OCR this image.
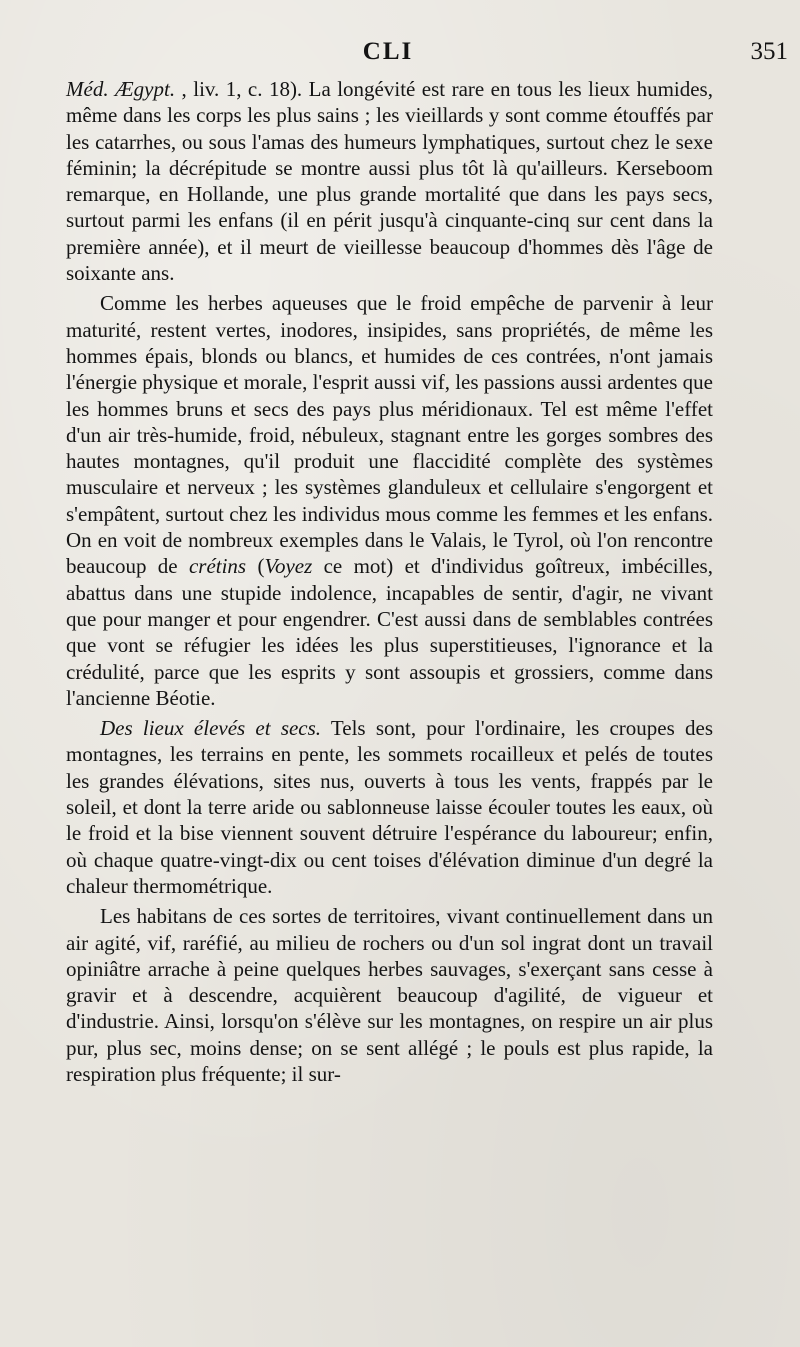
CLI	351

Méd. Ægypt. , liv. 1, c. 18). La longévité est rare en tous les lieux humides, même dans les corps les plus sains ; les vieillards y sont comme étouffés par les catarrhes, ou sous l'amas des humeurs lymphatiques, surtout chez le sexe féminin; la décrépitude se montre aussi plus tôt là qu'ailleurs. Kerseboom remarque, en Hollande, une plus grande mortalité que dans les pays secs, surtout parmi les enfans (il en périt jusqu'à cinquante-cinq sur cent dans la première année), et il meurt de vieillesse beaucoup d'hommes dès l'âge de soixante ans.

Comme les herbes aqueuses que le froid empêche de parvenir à leur maturité, restent vertes, inodores, insipides, sans propriétés, de même les hommes épais, blonds ou blancs, et humides de ces contrées, n'ont jamais l'énergie physique et morale, l'esprit aussi vif, les passions aussi ardentes que les hommes bruns et secs des pays plus méridionaux. Tel est même l'effet d'un air très-humide, froid, nébuleux, stagnant entre les gorges sombres des hautes montagnes, qu'il produit une flaccidité complète des systèmes musculaire et nerveux ; les systèmes glanduleux et cellulaire s'engorgent et s'empâtent, surtout chez les individus mous comme les femmes et les enfans. On en voit de nombreux exemples dans le Valais, le Tyrol, où l'on rencontre beaucoup de crétins (Voyez ce mot) et d'individus goîtreux, imbécilles, abattus dans une stupide indolence, incapables de sentir, d'agir, ne vivant que pour manger et pour engendrer. C'est aussi dans de semblables contrées que vont se réfugier les idées les plus superstitieuses, l'ignorance et la crédulité, parce que les esprits y sont assoupis et grossiers, comme dans l'ancienne Béotie.

Des lieux élevés et secs. Tels sont, pour l'ordinaire, les croupes des montagnes, les terrains en pente, les sommets rocailleux et pelés de toutes les grandes élévations, sites nus, ouverts à tous les vents, frappés par le soleil, et dont la terre aride ou sablonneuse laisse écouler toutes les eaux, où le froid et la bise viennent souvent détruire l'espérance du laboureur; enfin, où chaque quatre-vingt-dix ou cent toises d'élévation diminue d'un degré la chaleur thermométrique.

Les habitans de ces sortes de territoires, vivant continuellement dans un air agité, vif, raréfié, au milieu de rochers ou d'un sol ingrat dont un travail opiniâtre arrache à peine quelques herbes sauvages, s'exerçant sans cesse à gravir et à descendre, acquièrent beaucoup d'agilité, de vigueur et d'industrie. Ainsi, lorsqu'on s'élève sur les montagnes, on respire un air plus pur, plus sec, moins dense; on se sent allégé ; le pouls est plus rapide, la respiration plus fréquente; il sur-
